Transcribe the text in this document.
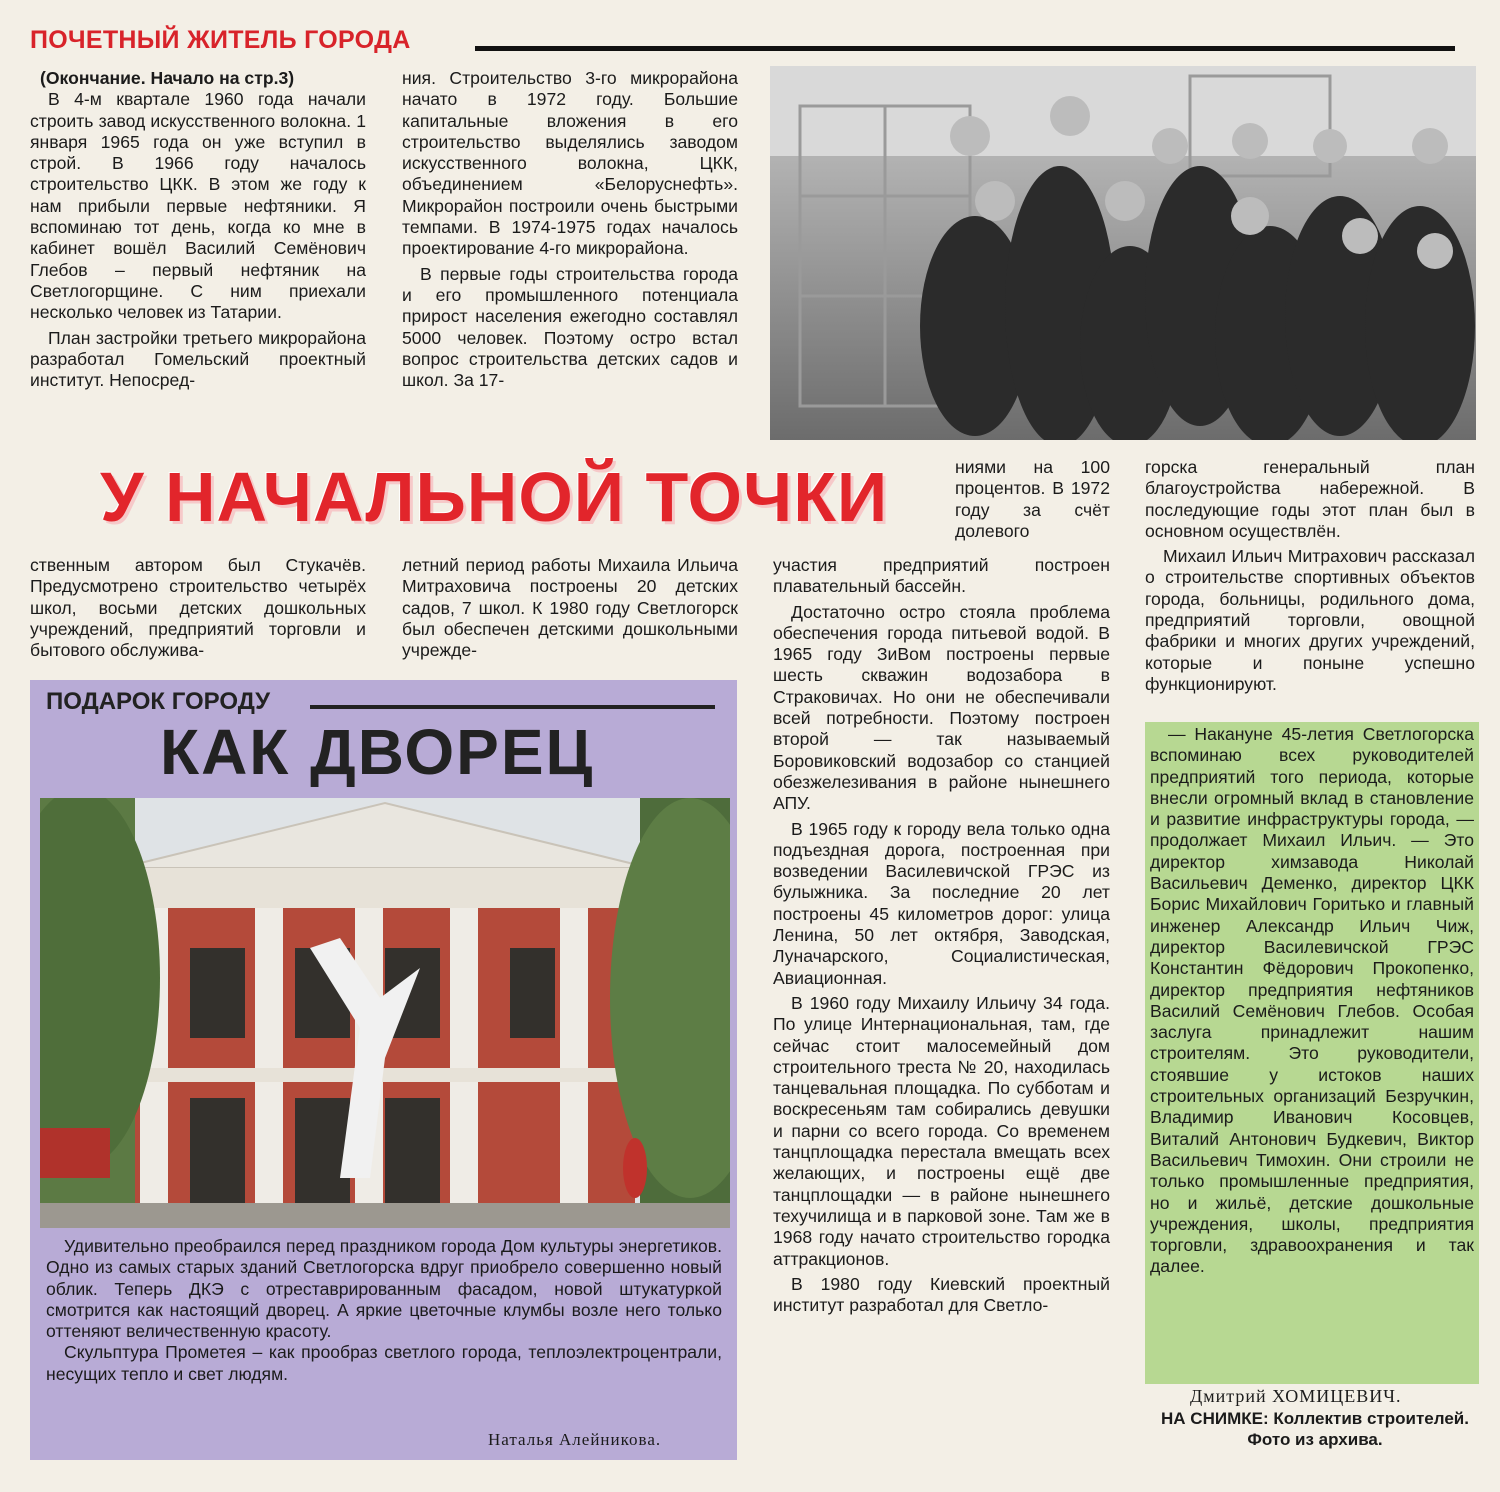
ПОЧЕТНЫЙ ЖИТЕЛЬ ГОРОДА

(Окончание. Начало на стр.3)

В 4-м квартале 1960 года начали строить завод искусственного волокна. 1 января 1965 года он уже вступил в строй. В 1966 году началось строительство ЦКК. В этом же году к нам прибыли первые нефтяники. Я вспоминаю тот день, когда ко мне в кабинет вошёл Василий Семёнович Глебов – первый нефтяник на Светлогорщине. С ним приехали несколько человек из Татарии.

План застройки третьего микрорайона разработал Гомельский проектный институт. Непосред-

ния. Строительство 3-го микрорайона начато в 1972 году. Большие капитальные вложения в его строительство выделялись заводом искусственного волокна, ЦКК, объединением «Белоруснефть». Микрорайон построили очень быстрыми темпами. В 1974-1975 годах началось проектирование 4-го микрорайона.

В первые годы строительства города и его промышленного потенциала прирост населения ежегодно составлял 5000 человек. Поэтому остро встал вопрос строительства детских садов и школ. За 17-

У НАЧАЛЬНОЙ ТОЧКИ	ниями на 100 процентов. В 1972 году за счёт долевого

горска генеральный план благоустройства набережной. В последующие годы этот план был в основном осуществлён.

Михаил Ильич Митрахович рассказал о строительстве спортивных объектов города, больницы, родильного дома, предприятий торговли, овощной фабрики и многих других учреждений, которые и поныне успешно функционируют.

ственным автором был Стукачёв. Предусмотрено строительство четырёх школ, восьми детских дошкольных учреждений, предприятий торговли и бытового обслужива-

летний период работы Михаила Ильича Митраховича построены 20 детских садов, 7 школ. К 1980 году Светлогорск был обеспечен детскими дошкольными учрежде-

участия предприятий построен плавательный бассейн.

Достаточно остро стояла проблема обеспечения города питьевой водой. В 1965 году ЗиВом построены первые шесть скважин водозабора в Страковичах. Но они не обеспечивали всей потребности. Поэтому построен второй — так называемый Боровиковский водозабор со станцией обезжелезивания в районе нынешнего АПУ.

В 1965 году к городу вела только одна подъездная дорога, построенная при возведении Василевичской ГРЭС из булыжника. За последние 20 лет построены 45 километров дорог: улица Ленина, 50 лет октября, Заводская, Луначарского, Социалистическая, Авиационная.

В 1960 году Михаилу Ильичу 34 года. По улице Интернациональная, там, где сейчас стоит малосемейный дом строительного треста № 20, находилась танцевальная площадка. По субботам и воскресеньям там собирались девушки и парни со всего города. Со временем танцплощадка перестала вмещать всех желающих, и построены ещё две танцплощадки — в районе нынешнего техучилища и в парковой зоне. Там же в 1968 году начато строительство городка аттракционов.

В 1980 году Киевский проектный институт разработал для Светло-

ПОДАРОК ГОРОДУ
КАК ДВОРЕЦ

Удивительно преобраился перед праздником города Дом культуры энергетиков. Одно из самых старых зданий Светлогорска вдруг приобрело совершенно новый облик. Теперь ДКЭ с отреставрированным фасадом, новой штукатуркой смотрится как настоящий дворец. А яркие цветочные клумбы возле него только оттеняют величественную красоту.

Скульптура Прометея – как прообраз светлого города, теплоэлектроцентрали, несущих тепло и свет людям.

Наталья Алейникова.

— Накануне 45-летия Светлогорска вспоминаю всех руководителей предприятий того периода, которые внесли огромный вклад в становление и развитие инфраструктуры города, — продолжает Михаил Ильич. — Это директор химзавода Николай Васильевич Деменко, директор ЦКК Борис Михайлович Горитько и главный инженер Александр Ильич Чиж, директор Василевичской ГРЭС Константин Фёдорович Прокопенко, директор предприятия нефтяников Василий Семёнович Глебов. Особая заслуга принадлежит нашим строителям. Это руководители, стоявшие у истоков наших строительных организаций Безручкин, Владимир Иванович Косовцев, Виталий Антонович Будкевич, Виктор Васильевич Тимохин. Они строили не только промышленные предприятия, но и жильё, детские дошкольные учреждения, школы, предприятия торговли, здравоохранения и так далее.

Дмитрий ХОМИЦЕВИЧ.
НА СНИМКЕ: Коллектив строителей. Фото из архива.
